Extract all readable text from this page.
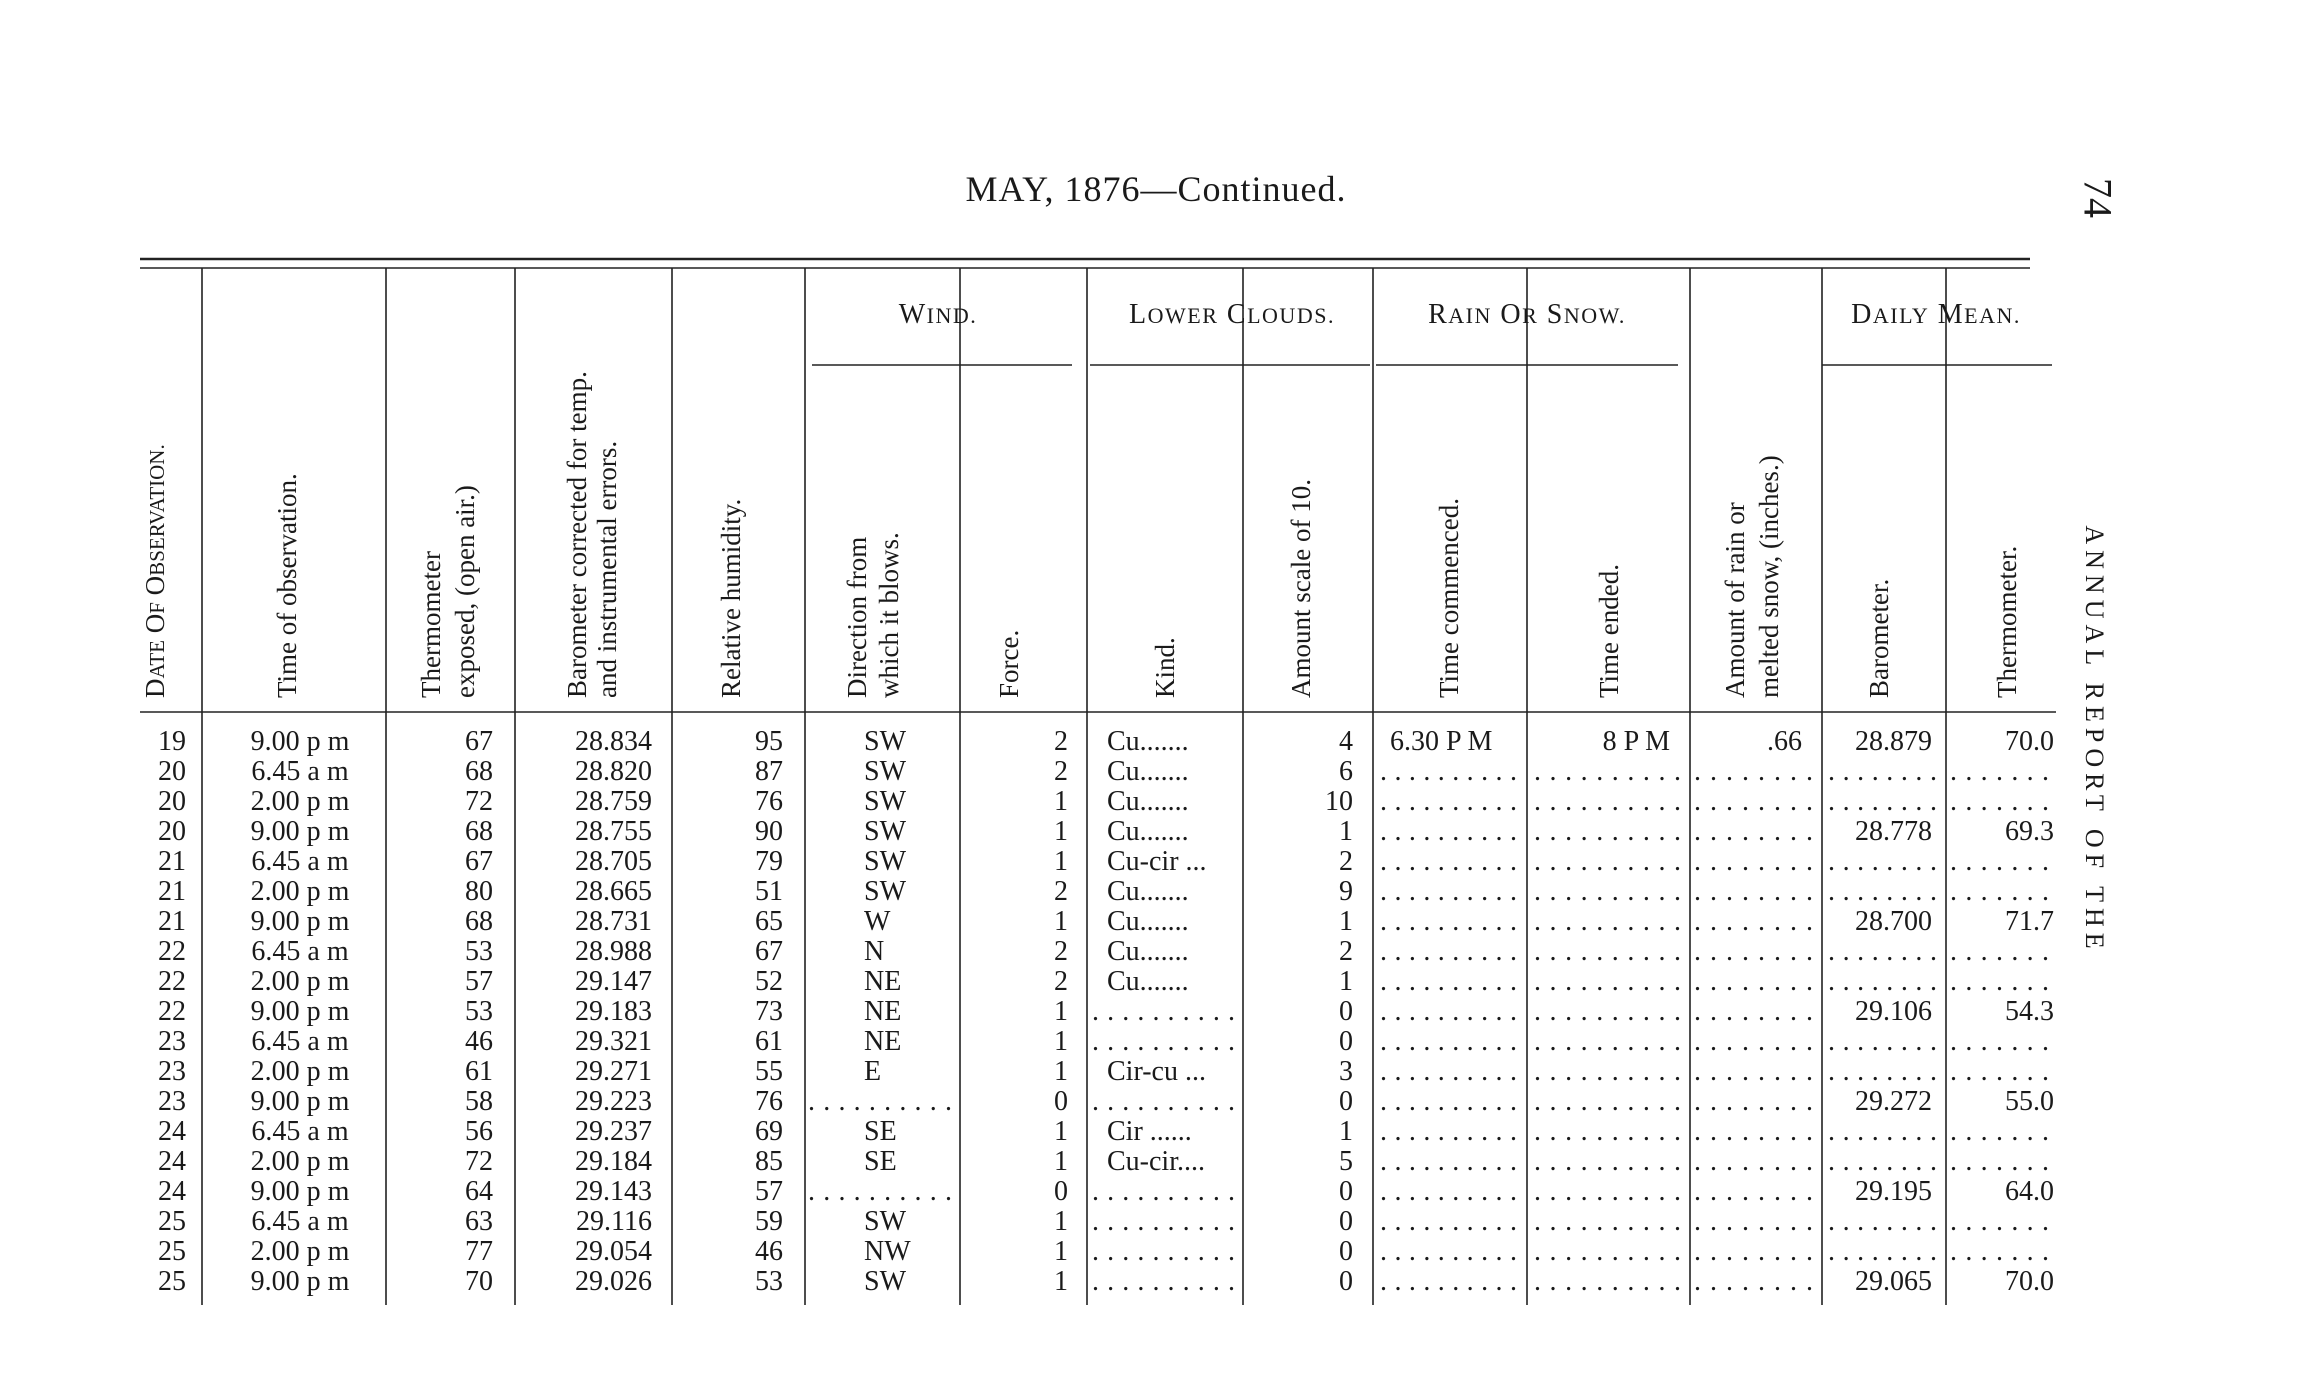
MAY, 1876—Continued.	74
ANNUAL REPORT OF THE
WIND.	LOWER CLOUDS.	RAIN OR SNOW.	DAILY MEAN.
DATE OF OBSERVATION.	Time of observation.	Thermometer exposed, (open air.)	Barometer corrected for temp. and instrumental errors.	Relative humidity.	Direction from which it blows.	Force.	Kind.	Amount scale of 10.	Time commenced.	Time ended.	Amount of rain or melted snow, (inches.)	Barometer.	Thermometer.
19 9.00 p m	67	28.834	95	SW	2 Cu.......	4 6.30 P M	8 P M	.66 28.879	70.0
20 6.45 a m	68	28.820	87	SW	2 Cu.......	6 .......... .......... ........ ........ .......
20 2.00 p m	72	28.759	76	SW	1 Cu.......	10 .......... .......... ........ ........ .......
20 9.00 p m	68	28.755	90	SW	1 Cu.......	1 .......... .......... ........ 28.778	69.3
21 6.45 a m	67	28.705	79	SW	1 Cu-cir ...	2 .......... .......... ........ ........ .......
21 2.00 p m	80	28.665	51	SW	2 Cu.......	9 .......... .......... ........ ........ .......
21 9.00 p m	68	28.731	65	W	1 Cu.......	1 .......... .......... ........ 28.700	71.7
22 6.45 a m	53	28.988	67	N	2 Cu.......	2 .......... .......... ........ ........ .......
22 2.00 p m	57	29.147	52	NE	2 Cu.......	1 .......... .......... ........ ........ .......
22 9.00 p m	53	29.183	73	NE	1 ..........	0 .......... .......... ........ 29.106	54.3
23 6.45 a m	46	29.321	61	NE	1 ..........	0 .......... .......... ........ ........ .......
23 2.00 p m	61	29.271	55	E	1 Cir-cu ...	3 .......... .......... ........ ........ .......
23 9.00 p m	58	29.223	76 ..........	0 ..........	0 .......... .......... ........ 29.272	55.0
24 6.45 a m	56	29.237	69	SE	1 Cir ......	1 .......... .......... ........ ........ .......
24 2.00 p m	72	29.184	85	SE	1 Cu-cir....	5 .......... .......... ........ ........ .......
24 9.00 p m	64	29.143	57 ..........	0 ..........	0 .......... .......... ........ 29.195	64.0
25 6.45 a m	63	29.116	59	SW	1 ..........	0 .......... .......... ........ ........ .......
25 2.00 p m	77	29.054	46	NW	1 ..........	0 .......... .......... ........ ........ .......
25 9.00 p m	70	29.026	53	SW	1 ..........	0 .......... .......... ........ 29.065	70.0
